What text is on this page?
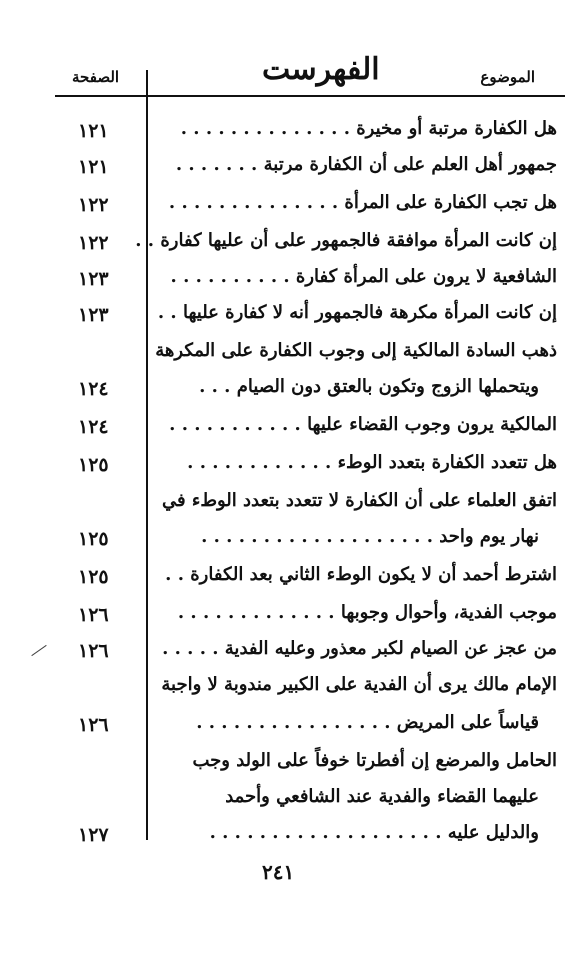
الصفحة	الفهرست	الموضوع
هل الكفارة مرتبة أو مخيرة . . . . . . . . . . . . . .
١٢١
جمهور أهل العلم على أن الكفارة مرتبة . . . . . . .
١٢١
هل تجب الكفارة على المرأة . . . . . . . . . . . . . .
١٢٢
إن كانت المرأة موافقة فالجمهور على أن عليها كفارة . .
١٢٢
الشافعية لا يرون على المرأة كفارة . . . . . . . . . .
١٢٣
إن كانت المرأة مكرهة فالجمهور أنه لا كفارة عليها . .
١٢٣
ذهب السادة المالكية إلى وجوب الكفارة على المكرهة
ويتحملها الزوج وتكون بالعتق دون الصيام . . .
١٢٤
المالكية يرون وجوب القضاء عليها . . . . . . . . . . .
١٢٤
هل تتعدد الكفارة بتعدد الوطء . . . . . . . . . . . .
١٢٥
اتفق العلماء على أن الكفارة لا تتعدد بتعدد الوطء في
نهار يوم واحد . . . . . . . . . . . . . . . . . . .
١٢٥
اشترط أحمد أن لا يكون الوطء الثاني بعد الكفارة . .
١٢٥
موجب الفدية، وأحوال وجوبها . . . . . . . . . . . . .
١٢٦
من عجز عن الصيام لكبر معذور وعليه الفدية . . . . .
١٢٦
الإمام مالك يرى أن الفدية على الكبير مندوبة لا واجبة
قياساً على المريض . . . . . . . . . . . . . . . .
١٢٦
الحامل والمرضع إن أفطرتا خوفاً على الولد وجب
عليهما القضاء والفدية عند الشافعي وأحمد
والدليل عليه . . . . . . . . . . . . . . . . . . .
١٢٧
٢٤١
